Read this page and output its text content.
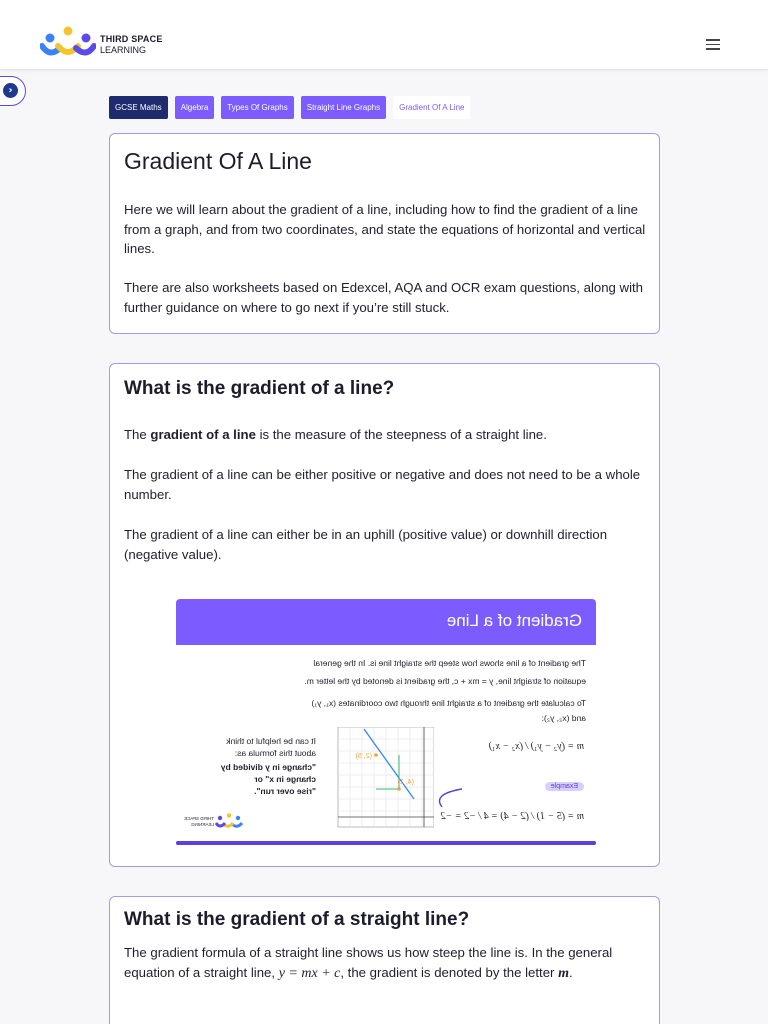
THIRD SPACE
LEARNING
›
GCSE Maths	Algebra	Types Of Graphs	Straight Line Graphs	Gradient Of A Line
Gradient Of A Line
Here we will learn about the gradient of a line, including how to find the gradient of a line from a graph, and from two coordinates, and state the equations of horizontal and vertical lines.
There are also worksheets based on Edexcel, AQA and OCR exam questions, along with further guidance on where to go next if you’re still stuck.
What is the gradient of a line?
The gradient of a line is the measure of the steepness of a straight line.
The gradient of a line can be either positive or negative and does not need to be a whole number.
The gradient of a line can either be in an uphill (positive value) or downhill direction (negative value).
Gradient of a Line
The gradient of a line shows how steep the straight line is. In the general
equation of straight line, y = mx + c, the gradient is denoted by the letter m.
To calculate the gradient of a straight line through two coordinates (x₁, y₁)
and (x₂, y₂):
m = (y₂ − y₁) / (x₂ − x₁)
Example
m = (5 − 1) / (2 − 4) = 4 / −2 = −2
(4, 1)
(2, 5)
It can be helpful to think
about this formula as:
"change in y divided by
change in x" or
"rise over run".
THIRD SPACE LEARNING
What is the gradient of a straight line?
The gradient formula of a straight line shows us how steep the line is. In the general equation of a straight line, y = mx + c, the gradient is denoted by the letter m.
